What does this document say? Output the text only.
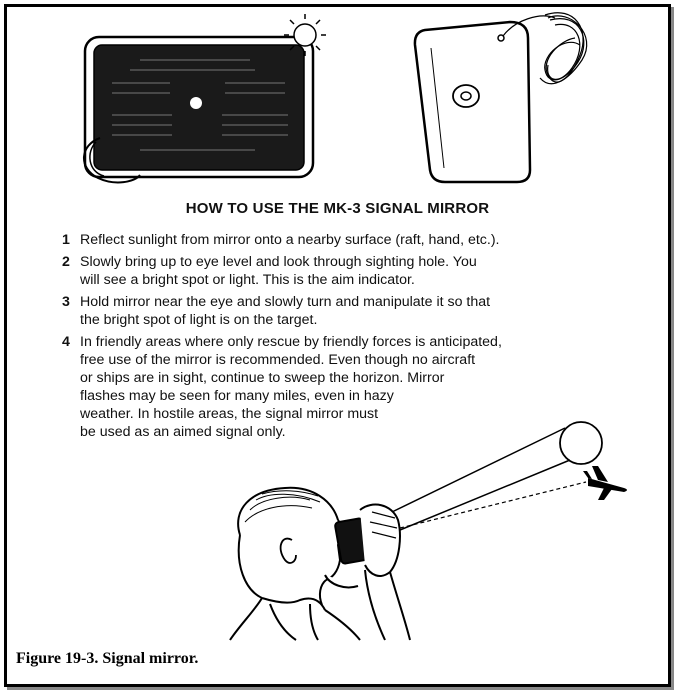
HOW TO USE THE MK-3 SIGNAL MIRROR
1 Reflect sunlight from mirror onto a nearby surface (raft, hand, etc.).
2 Slowly bring up to eye level and look through sighting hole. You
will see a bright spot or light. This is the aim indicator.
3 Hold mirror near the eye and slowly turn and manipulate it so that
the bright spot of light is on the target.
4 In friendly areas where only rescue by friendly forces is anticipated,
free use of the mirror is recommended. Even though no aircraft
or ships are in sight, continue to sweep the horizon. Mirror
flashes may be seen for many miles, even in hazy
weather. In hostile areas, the signal mirror must
be used as an aimed signal only.
Figure 19-3. Signal mirror.
